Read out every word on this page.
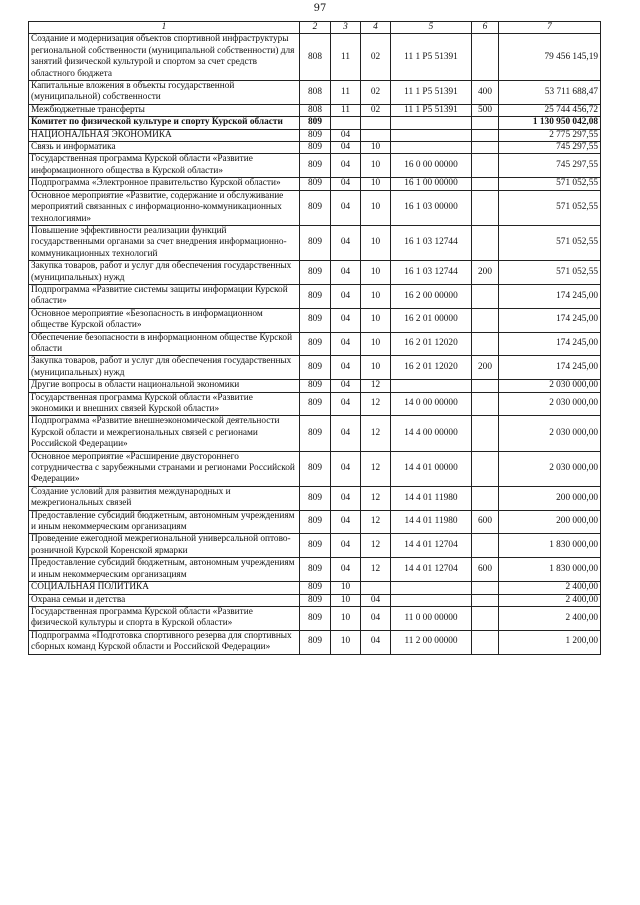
97
1	2	3	4	5	6	7
Создание и модернизация объектов спортивной инфраструктуры региональной собственности (муниципальной собственности) для занятий физической культурой и спортом за счет средств областного бюджета	808	11	02	11 1 P5 51391		79 456 145,19
Капитальные вложения в объекты государственной (муниципальной) собственности	808	11	02	11 1 P5 51391	400	53 711 688,47
Межбюджетные трансферты	808	11	02	11 1 P5 51391	500	25 744 456,72
Комитет по физической культуре и спорту Курской области	809					1 130 950 042,08
НАЦИОНАЛЬНАЯ ЭКОНОМИКА	809	04				2 775 297,55
Связь и информатика	809	04	10			745 297,55
Государственная программа Курской области «Развитие информационного общества в Курской области»	809	04	10	16 0 00 00000		745 297,55
Подпрограмма «Электронное правительство Курской области»	809	04	10	16 1 00 00000		571 052,55
Основное мероприятие «Развитие, содержание и обслуживание мероприятий связанных с информационно-коммуникационных технологиями»	809	04	10	16 1 03 00000		571 052,55
Повышение эффективности реализации функций государственными органами за счет внедрения информационно-коммуникационных технологий	809	04	10	16 1 03 12744		571 052,55
Закупка товаров, работ и услуг для обеспечения государственных (муниципальных) нужд	809	04	10	16 1 03 12744	200	571 052,55
Подпрограмма «Развитие системы защиты информации Курской области»	809	04	10	16 2 00 00000		174 245,00
Основное мероприятие «Безопасность в информационном обществе Курской области»	809	04	10	16 2 01 00000		174 245,00
Обеспечение безопасности в информационном обществе Курской области	809	04	10	16 2 01 12020		174 245,00
Закупка товаров, работ и услуг для обеспечения государственных (муниципальных) нужд	809	04	10	16 2 01 12020	200	174 245,00
Другие вопросы в области национальной экономики	809	04	12			2 030 000,00
Государственная программа Курской области «Развитие экономики и внешних связей Курской области»	809	04	12	14 0 00 00000		2 030 000,00
Подпрограмма «Развитие внешнеэкономической деятельности Курской области и межрегиональных связей с регионами Российской Федерации»	809	04	12	14 4 00 00000		2 030 000,00
Основное мероприятие «Расширение двустороннего сотрудничества с зарубежными странами и регионами Российской Федерации»	809	04	12	14 4 01 00000		2 030 000,00
Создание условий для развития международных и межрегиональных связей	809	04	12	14 4 01 11980		200 000,00
Предоставление субсидий бюджетным, автономным учреждениям и иным некоммерческим организациям	809	04	12	14 4 01 11980	600	200 000,00
Проведение ежегодной межрегиональной универсальной оптово-розничной Курской Коренской ярмарки	809	04	12	14 4 01 12704		1 830 000,00
Предоставление субсидий бюджетным, автономным учреждениям и иным некоммерческим организациям	809	04	12	14 4 01 12704	600	1 830 000,00
СОЦИАЛЬНАЯ ПОЛИТИКА	809	10				2 400,00
Охрана семьи и детства	809	10	04			2 400,00
Государственная программа Курской области «Развитие физической культуры и спорта в Курской области»	809	10	04	11 0 00 00000		2 400,00
Подпрограмма «Подготовка спортивного резерва для спортивных сборных команд Курской области и Российской Федерации»	809	10	04	11 2 00 00000		1 200,00
